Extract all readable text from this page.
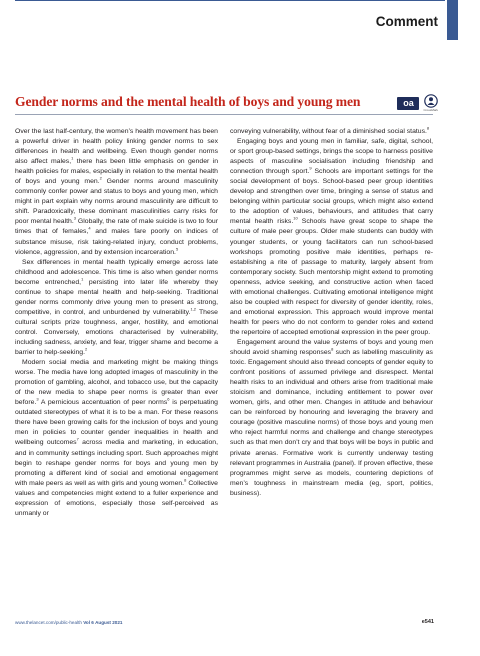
Comment
Gender norms and the mental health of boys and young men	oa
CrossMark

Over the last half-century, the women’s health movement has been a powerful driver in health policy linking gender norms to sex differences in health and wellbeing. Even though gender norms also affect males,$^1$ there has been little emphasis on gender in health policies for males, especially in relation to the mental health of boys and young men.$^2$ Gender norms around masculinity commonly confer power and status to boys and young men, which might in part explain why norms around masculinity are difficult to shift. Paradoxically, these dominant masculinities carry risks for poor mental health.$^3$ Globally, the rate of male suicide is two to four times that of females,$^4$ and males fare poorly on indices of substance misuse, risk taking-related injury, conduct problems, violence, aggression, and by extension incarceration.$^5$

Sex differences in mental health typically emerge across late childhood and adolescence. This time is also when gender norms become entrenched,$^1$ persisting into later life whereby they continue to shape mental health and help-seeking. Traditional gender norms commonly drive young men to present as strong, competitive, in control, and unburdened by vulnerability.$^{1,2}$ These cultural scripts prize toughness, anger, hostility, and emotional control. Conversely, emotions characterised by vulnerability, including sadness, anxiety, and fear, trigger shame and become a barrier to help-seeking.$^2$

Modern social media and marketing might be making things worse. The media have long adopted images of masculinity in the promotion of gambling, alcohol, and tobacco use, but the capacity of the new media to shape peer norms is greater than ever before.$^3$ A pernicious accentuation of peer norms$^6$ is perpetuating outdated stereotypes of what it is to be a man. For these reasons there have been growing calls for the inclusion of boys and young men in policies to counter gender inequalities in health and wellbeing outcomes$^7$ across media and marketing, in education, and in community settings including sport. Such approaches might begin to reshape gender norms for boys and young men by promoting a different kind of social and emotional engagement with male peers as well as with girls and young women.$^8$ Collective values and competencies might extend to a fuller experience and expression of emotions, especially those self-perceived as unmanly or

conveying vulnerability, without fear of a diminished social status.$^8$

Engaging boys and young men in familiar, safe, digital, school, or sport group-based settings, brings the scope to harness positive aspects of masculine socialisation including friendship and connection through sport.$^9$ Schools are important settings for the social development of boys. School-based peer group identities develop and strengthen over time, bringing a sense of status and belonging within particular social groups, which might also extend to the adoption of values, behaviours, and attitudes that carry mental health risks.$^{10}$ Schools have great scope to shape the culture of male peer groups. Older male students can buddy with younger students, or young facilitators can run school-based workshops promoting positive male identities, perhaps re-establishing a rite of passage to maturity, largely absent from contemporary society. Such mentorship might extend to promoting openness, advice seeking, and constructive action when faced with emotional challenges. Cultivating emotional intelligence might also be coupled with respect for diversity of gender identity, roles, and emotional expression. This approach would improve mental health for peers who do not conform to gender roles and extend the repertoire of accepted emotional expression in the peer group.

Engagement around the value systems of boys and young men should avoid shaming responses$^8$ such as labelling masculinity as toxic. Engagement should also thread concepts of gender equity to confront positions of assumed privilege and disrespect. Mental health risks to an individual and others arise from traditional male stoicism and dominance, including entitlement to power over women, girls, and other men. Changes in attitude and behaviour can be reinforced by honouring and leveraging the bravery and courage (positive masculine norms) of those boys and young men who reject harmful norms and challenge and change stereotypes such as that men don’t cry and that boys will be boys in public and private arenas. Formative work is currently underway testing relevant programmes in Australia (panel). If proven effective, these programmes might serve as models, countering depictions of men’s toughness in mainstream media (eg, sport, politics, business).

www.thelancet.com/public-health Vol 6 August 2021	e541
